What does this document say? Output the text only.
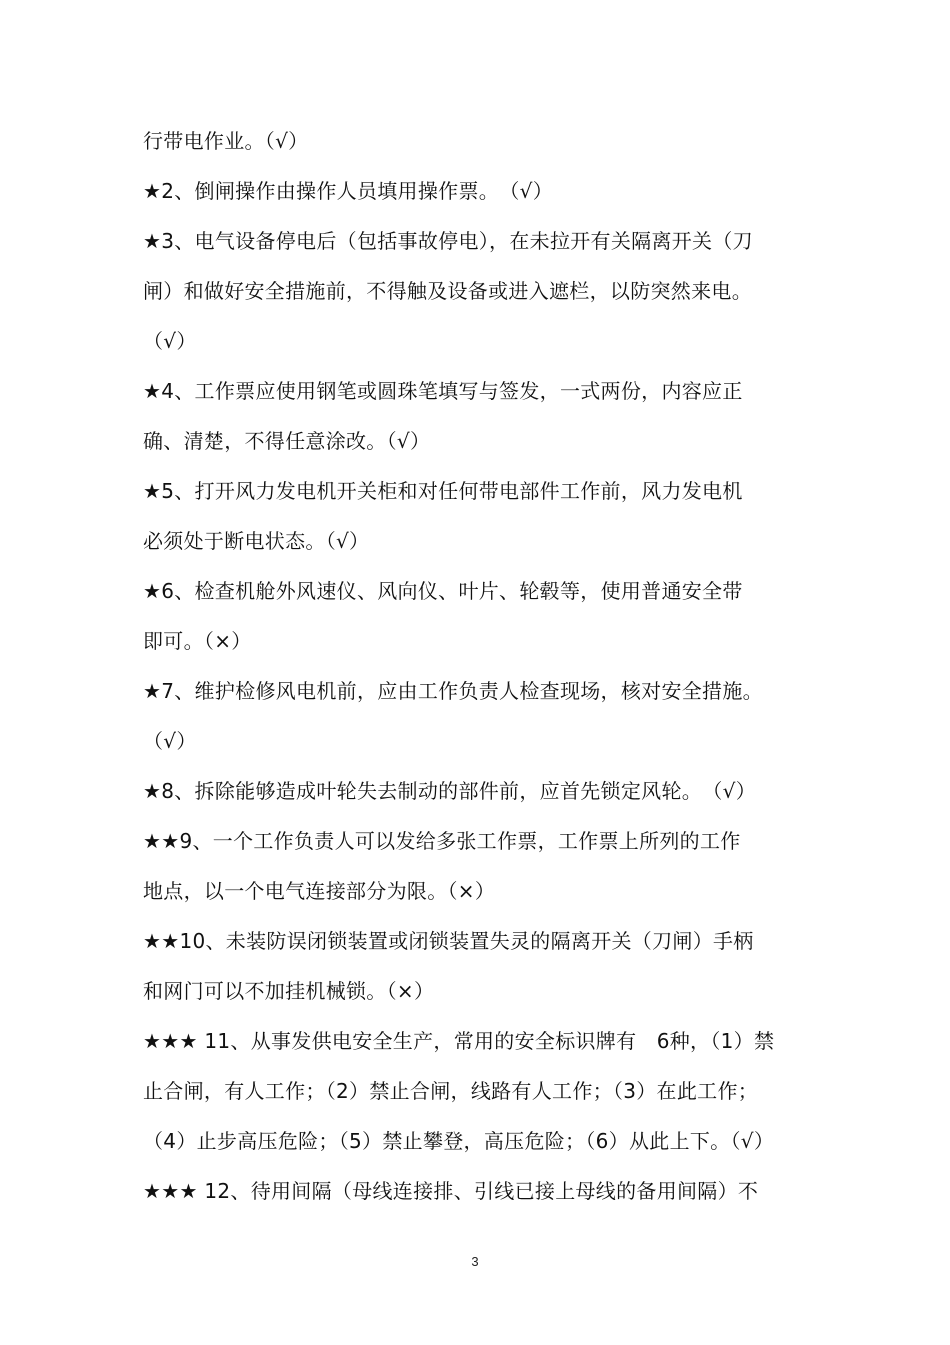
行带电作业。（√）
★2、倒闸操作由操作人员填用操作票。　（√）
★3、电气设备停电后（包括事故停电），在未拉开有关隔离开关（刀
闸）和做好安全措施前，不得触及设备或进入遮栏，以防突然来电。
（√）
★4、工作票应使用钢笔或圆珠笔填写与签发，一式两份，内容应正
确、清楚，不得任意涂改。（√）
★5、打开风力发电机开关柜和对任何带电部件工作前，风力发电机
必须处于断电状态。（√）
★6、检查机舱外风速仪、风向仪、叶片、轮毂等，使用普通安全带
即可。（×）
★7、维护检修风电机前，应由工作负责人检查现场，核对安全措施。
（√）
★8、拆除能够造成叶轮失去制动的部件前，应首先锁定风轮。　（√）
★★9、一个工作负责人可以发给多张工作票，工作票上所列的工作
地点，以一个电气连接部分为限。（×）
★★10、未装防误闭锁装置或闭锁装置失灵的隔离开关（刀闸）手柄
和网门可以不加挂机械锁。（×）
★★★ 11、从事发供电安全生产，常用的安全标识牌有　6种，（1）禁
止合闸，有人工作；（2）禁止合闸，线路有人工作；（3）在此工作；
（4）止步高压危险；（5）禁止攀登，高压危险；（6）从此上下。（√）
★★★ 12、待用间隔（母线连接排、引线已接上母线的备用间隔）不
3
